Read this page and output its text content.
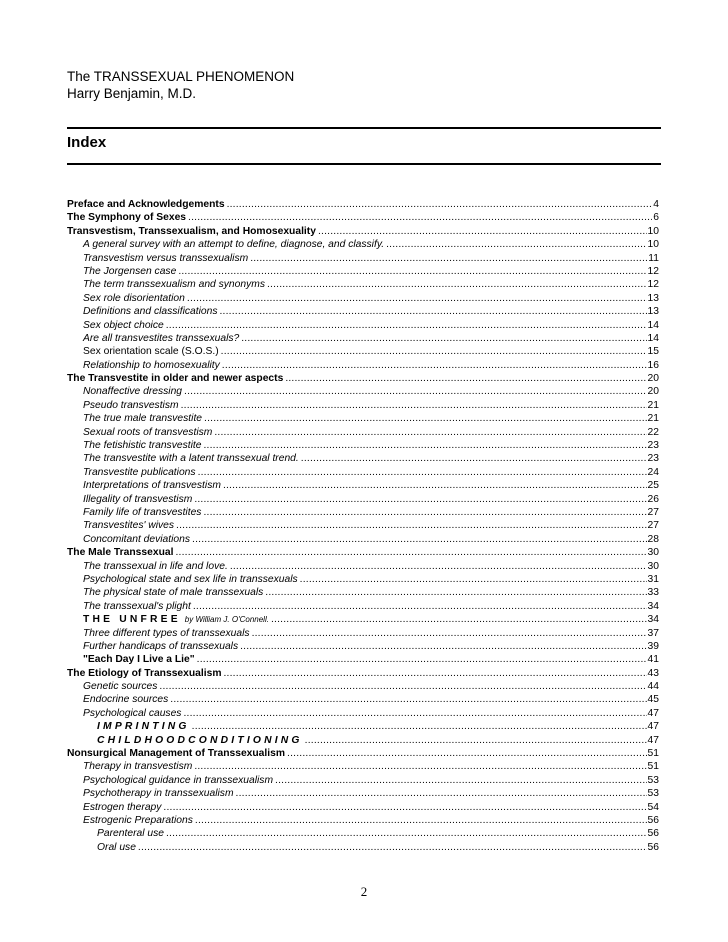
The TRANSSEXUAL PHENOMENON
Harry Benjamin, M.D.
Index
Preface and Acknowledgements .....	4
The Symphony of Sexes .....	6
Transvestism, Transsexualism, and Homosexuality .....	10
A general survey with an attempt to define, diagnose, and classify. .....	10
Transvestism versus transsexualism .....	11
The Jorgensen case .....	12
The term transsexualism and synonyms .....	12
Sex role disorientation .....	13
Definitions and classifications .....	13
Sex object choice .....	14
Are all transvestites transsexuals? .....	14
Sex orientation scale (S.O.S.) .....	15
Relationship to homosexuality .....	16
The Transvestite in older and newer aspects .....	20
Nonaffective dressing .....	20
Pseudo transvestism .....	21
The true male transvestite .....	21
Sexual roots of transvestism .....	22
The fetishistic transvestite .....	23
The transvestite with a latent transsexual trend. .....	23
Transvestite publications .....	24
Interpretations of transvestism .....	25
Illegality of transvestism .....	26
Family life of transvestites .....	27
Transvestites' wives .....	27
Concomitant deviations .....	28
The Male Transsexual .....	30
The transsexual in life and love. .....	30
Psychological state and sex life in transsexuals .....	31
The physical state of male transsexuals .....	33
The transsexual's plight .....	34
THE UNFREE by William J. O'Connell. .....	34
Three different types of transsexuals .....	37
Further handicaps of transsexuals .....	39
"Each Day I Live a Lie" .....	41
The Etiology of Transsexualism .....	43
Genetic sources .....	44
Endocrine sources .....	45
Psychological causes .....	47
IMPRINTING .....	47
CHILDHOODCONDITIONING .....	47
Nonsurgical Management of Transsexualism .....	51
Therapy in transvestism .....	51
Psychological guidance in transsexualism .....	53
Psychotherapy in transsexualism .....	53
Estrogen therapy .....	54
Estrogenic Preparations .....	56
Parenteral use .....	56
Oral use .....	56
2
